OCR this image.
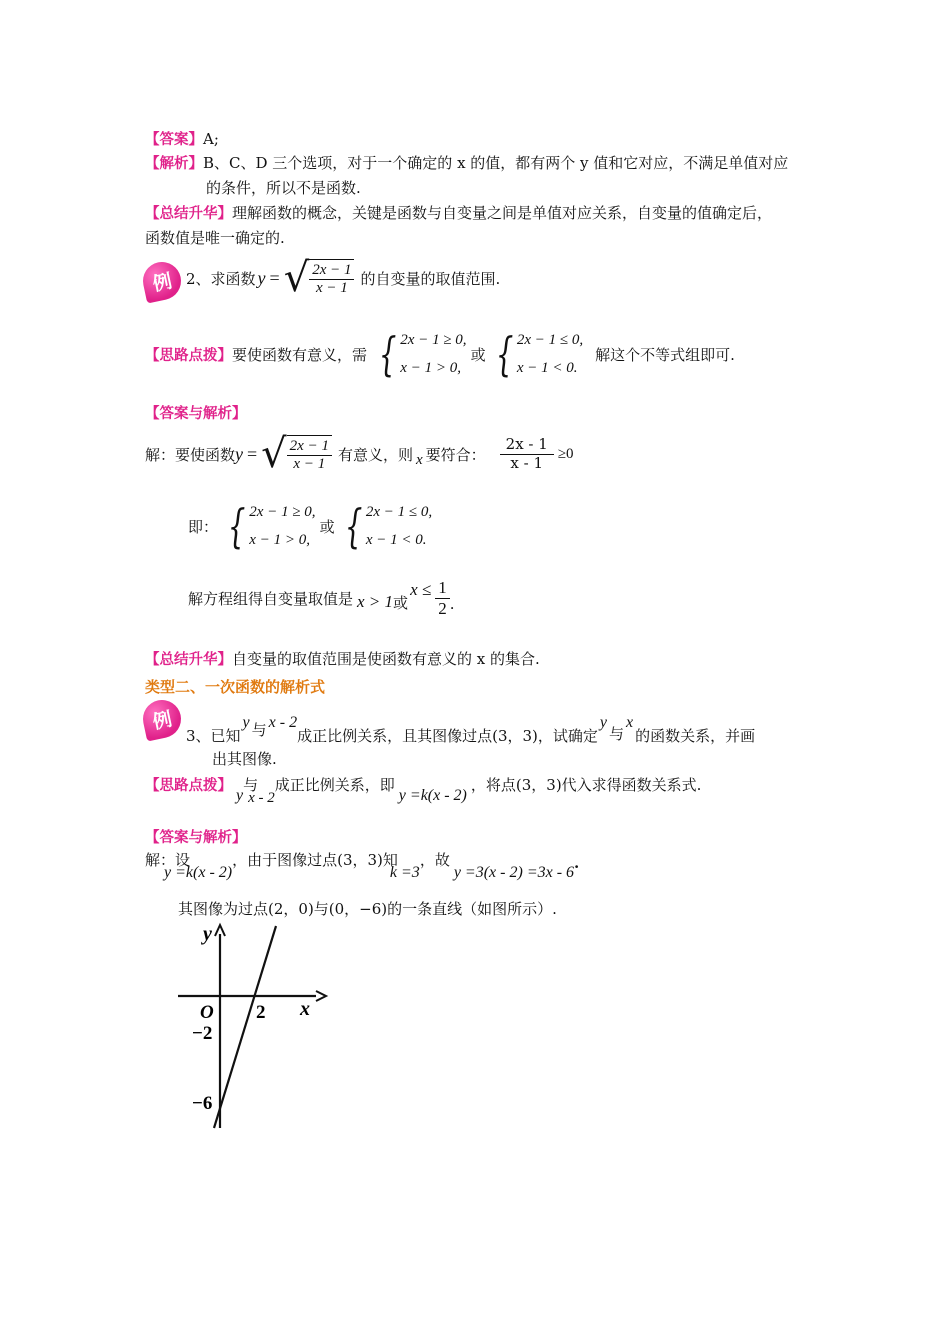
【答案】A;
【解析】B、C、D 三个选项，对于一个确定的 x 的值，都有两个 y 值和它对应，不满足单值对应
的条件，所以不是函数.
【总结升华】理解函数的概念，关键是函数与自变量之间是单值对应关系，自变量的值确定后，
函数值是唯一确定的.
例 2、求函数 y = √ $\frac{2x - 1}{x - 1}$ 的自变量的取值范围.
【思路点拨】 要使函数有意义，需 { 2x − 1 ≥ 0,
x − 1 > 0,
或 { 2x − 1 ≤ 0,
x − 1 < 0.
解这个不等式组即可.
【答案与解析】
解：要使函数 y = √ $\frac{2x - 1}{x - 1}$ 有意义，则 x 要符合： $\frac{2x - 1}{x - 1} \ge 0$
即： { 2x − 1 ≥ 0,
x − 1 > 0,
或 { 2x − 1 ≤ 0,
x − 1 < 0.
解方程组得自变量取值是 x > 1 或
$x \le \frac{1}{2}$ .
【总结升华】自变量的取值范围是使函数有意义的 x 的集合.
类型二、一次函数的解析式
例
3、已知
y 与 x - 2
成正比例关系，且其图像过点(3，3)，试确定
y
与
x
的函数关系，并画
出其图像.
【思路点拨】
y
与
x - 2
成正比例关系，即
y =k(x - 2)
，将点(3，3)代入求得函数关系式.
【答案与解析】
解：设
y =k(x - 2)
，由于图像过点(3，3)知
k =3
，故
y =3(x - 2) =3x - 6
.
其图像为过点(2，0)与(0，−6)的一条直线（如图所示）.
y
x
O 2
−2
−6
